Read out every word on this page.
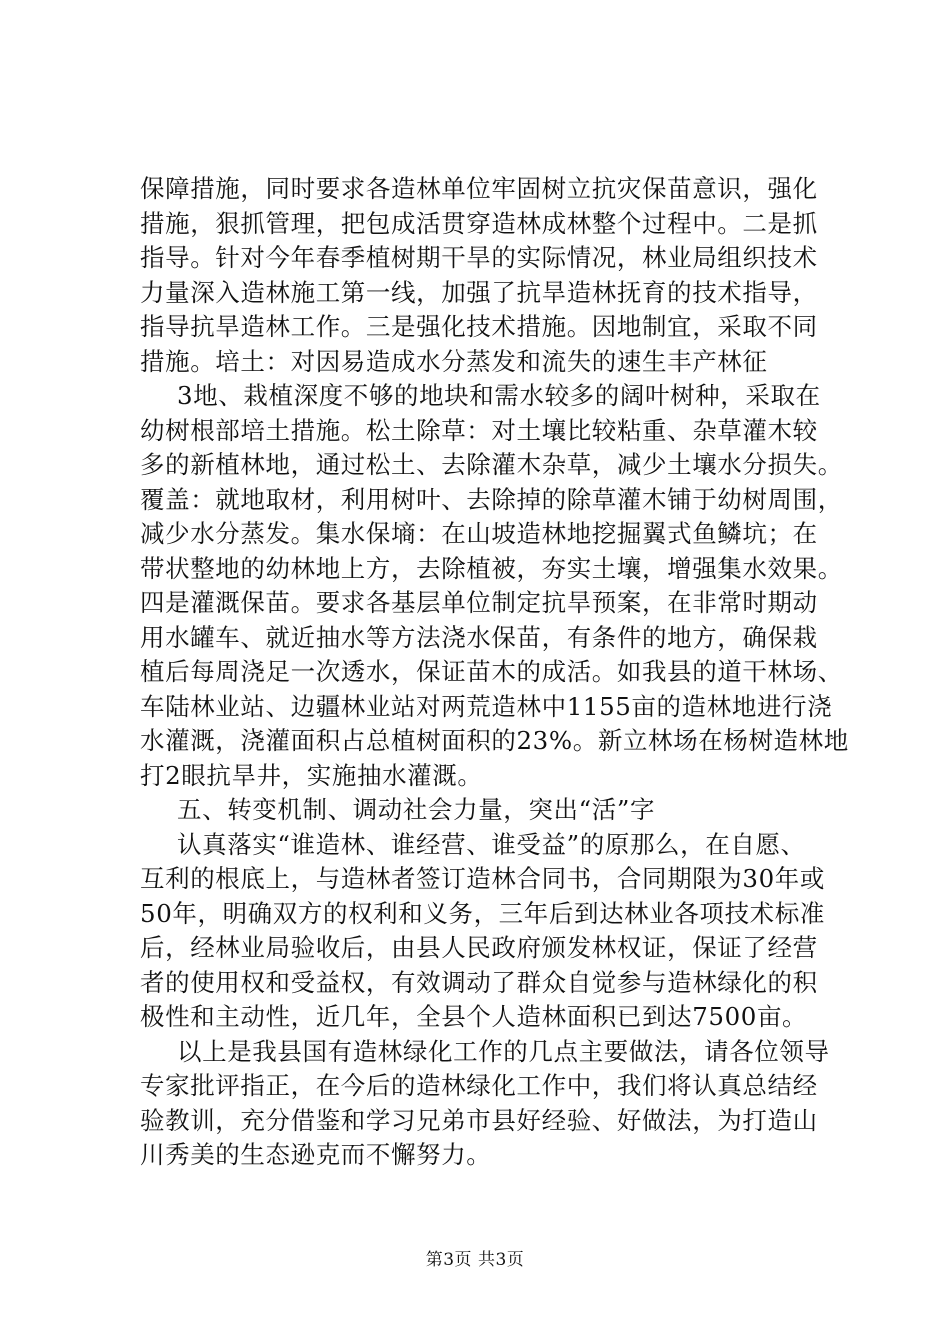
保障措施，同时要求各造林单位牢固树立抗灾保苗意识，强化
措施，狠抓管理，把包成活贯穿造林成林整个过程中。二是抓
指导。针对今年春季植树期干旱的实际情况，林业局组织技术
力量深入造林施工第一线，加强了抗旱造林抚育的技术指导，
指导抗旱造林工作。三是强化技术措施。因地制宜，采取不同
措施。培土：对因易造成水分蒸发和流失的速生丰产林征
3地、栽植深度不够的地块和需水较多的阔叶树种，采取在
幼树根部培土措施。松土除草：对土壤比较粘重、杂草灌木较
多的新植林地，通过松土、去除灌木杂草，减少土壤水分损失。
覆盖：就地取材，利用树叶、去除掉的除草灌木铺于幼树周围，
减少水分蒸发。集水保墒：在山坡造林地挖掘翼式鱼鳞坑；在
带状整地的幼林地上方，去除植被，夯实土壤，增强集水效果。
四是灌溉保苗。要求各基层单位制定抗旱预案，在非常时期动
用水罐车、就近抽水等方法浇水保苗，有条件的地方，确保栽
植后每周浇足一次透水，保证苗木的成活。如我县的道干林场、
车陆林业站、边疆林业站对两荒造林中1155亩的造林地进行浇
水灌溉，浇灌面积占总植树面积的23%。新立林场在杨树造林地
打2眼抗旱井，实施抽水灌溉。
五、转变机制、调动社会力量，突出“活”字
认真落实“谁造林、谁经营、谁受益”的原那么，在自愿、
互利的根底上，与造林者签订造林合同书，合同期限为30年或
50年，明确双方的权利和义务，三年后到达林业各项技术标准
后，经林业局验收后，由县人民政府颁发林权证，保证了经营
者的使用权和受益权，有效调动了群众自觉参与造林绿化的积
极性和主动性，近几年，全县个人造林面积已到达7500亩。
以上是我县国有造林绿化工作的几点主要做法，请各位领导
专家批评指正，在今后的造林绿化工作中，我们将认真总结经
验教训，充分借鉴和学习兄弟市县好经验、好做法，为打造山
川秀美的生态逊克而不懈努力。
第3页 共3页
